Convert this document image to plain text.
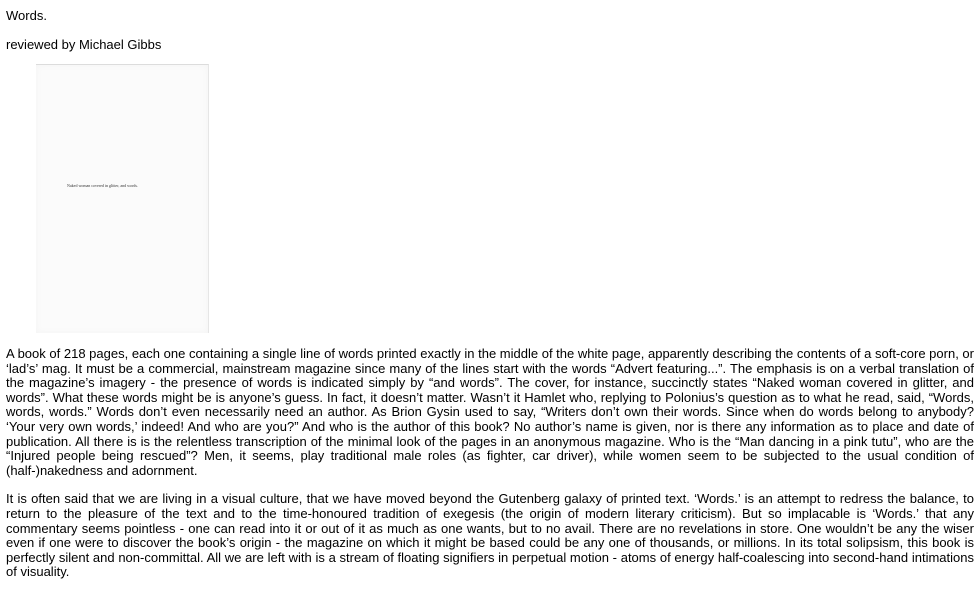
Words.

reviewed by Michael Gibbs

Naked woman covered in glitter, and words.

A book of 218 pages, each one containing a single line of words printed exactly in the middle of the white page, apparently describing the contents of a soft-core porn, or ‘lad’s’ mag. It must be a commercial, mainstream magazine since many of the lines start with the words “Advert featuring...”. The emphasis is on a verbal translation of the magazine’s imagery - the presence of words is indicated simply by “and words”. The cover, for instance, succinctly states “Naked woman covered in glitter, and words”. What these words might be is anyone’s guess. In fact, it doesn’t matter. Wasn’t it Hamlet who, replying to Polonius’s question as to what he read, said, “Words, words, words.” Words don’t even necessarily need an author. As Brion Gysin used to say, “Writers don’t own their words. Since when do words belong to anybody? ‘Your very own words,’ indeed! And who are you?” And who is the author of this book? No author’s name is given, nor is there any information as to place and date of publication. All there is is the relentless transcription of the minimal look of the pages in an anonymous magazine. Who is the “Man dancing in a pink tutu”, who are the “Injured people being rescued”? Men, it seems, play traditional male roles (as fighter, car driver), while women seem to be subjected to the usual condition of (half-)nakedness and adornment.

It is often said that we are living in a visual culture, that we have moved beyond the Gutenberg galaxy of printed text. ‘Words.’ is an attempt to redress the balance, to return to the pleasure of the text and to the time-honoured tradition of exegesis (the origin of modern literary criticism). But so implacable is ‘Words.’ that any commentary seems pointless - one can read into it or out of it as much as one wants, but to no avail. There are no revelations in store. One wouldn’t be any the wiser even if one were to discover the book’s origin - the magazine on which it might be based could be any one of thousands, or millions. In its total solipsism, this book is perfectly silent and non-committal. All we are left with is a stream of floating signifiers in perpetual motion - atoms of energy half-coalescing into second-hand intimations of visuality.
